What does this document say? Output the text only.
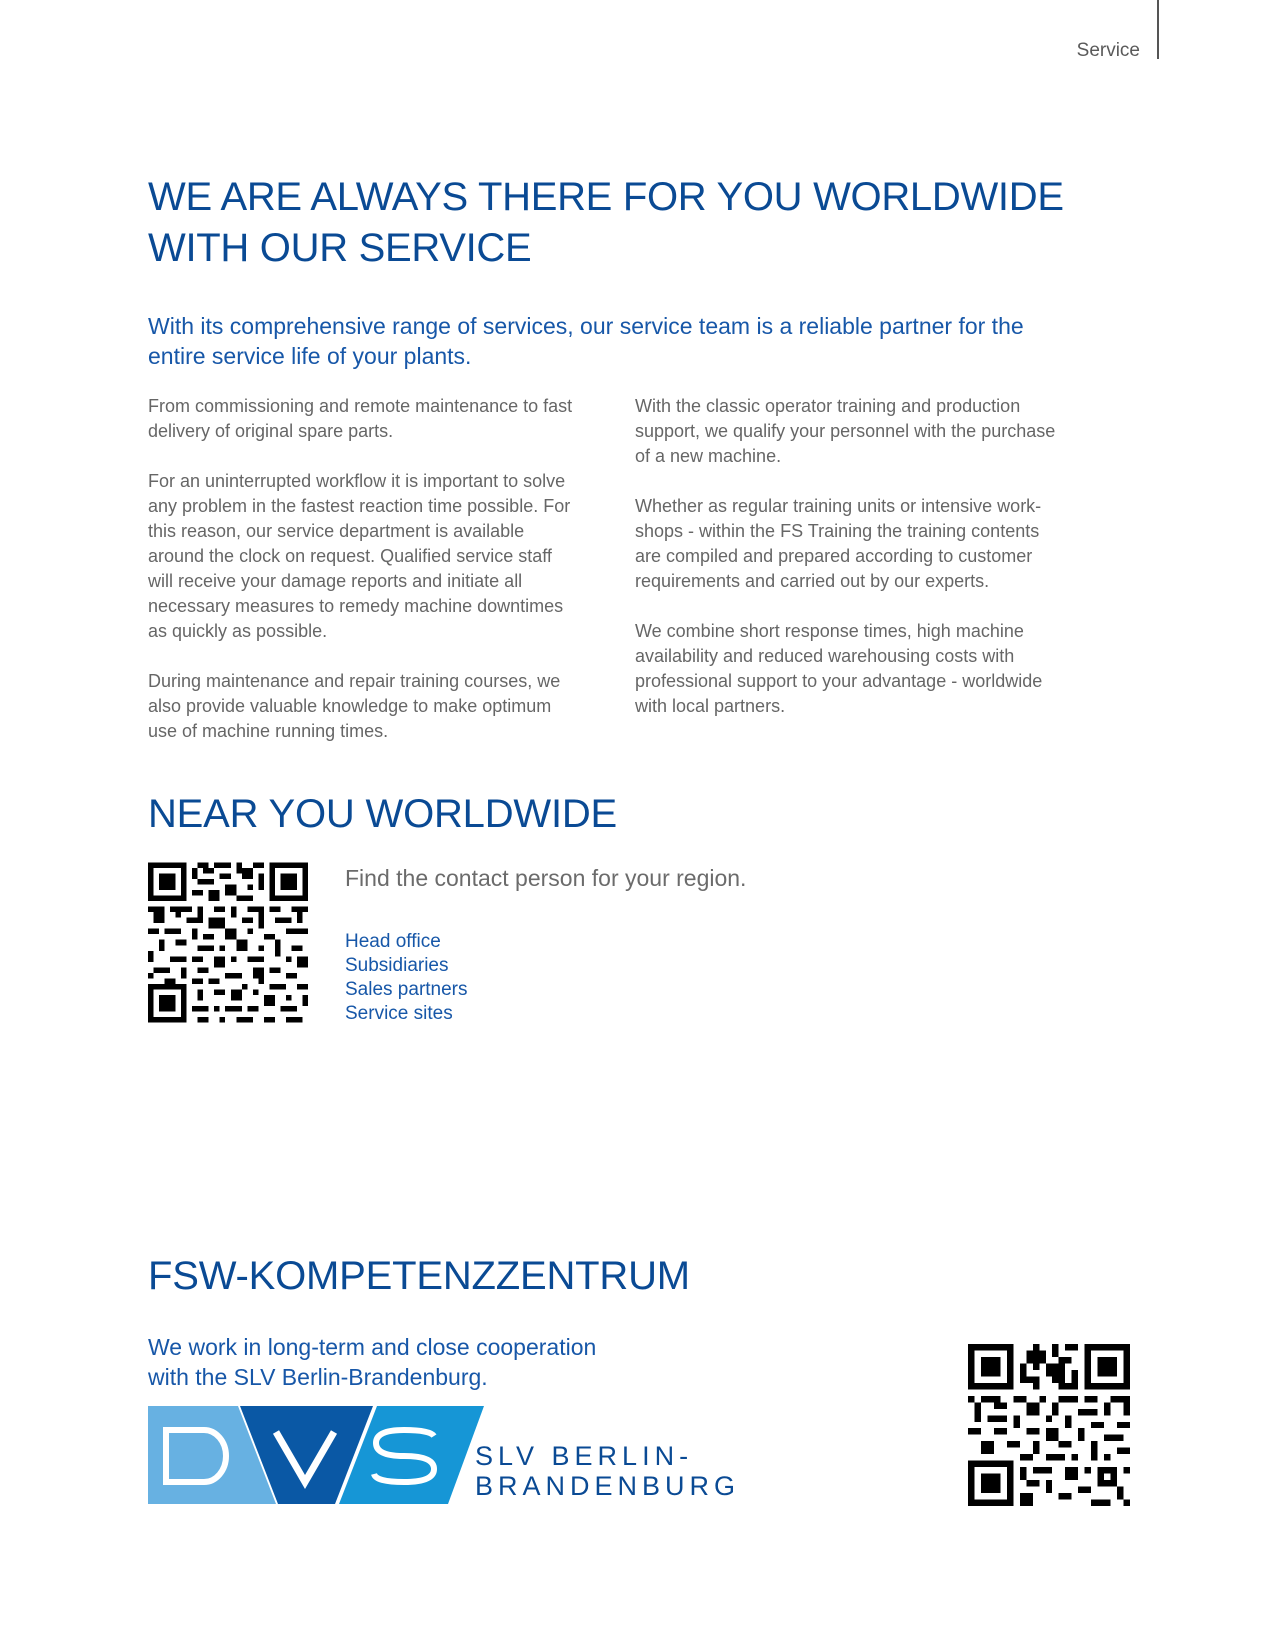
Service
WE ARE ALWAYS THERE FOR YOU WORLDWIDE
WITH OUR SERVICE
With its comprehensive range of services, our service team is a reliable partner for the
entire service life of your plants.

From commissioning and remote maintenance to fast
delivery of original spare parts.

For an uninterrupted workflow it is important to solve
any problem in the fastest reaction time possible. For
this reason, our service department is available
around the clock on request. Qualified service staff
will receive your damage reports and initiate all
necessary measures to remedy machine downtimes
as quickly as possible.

During maintenance and repair training courses, we
also provide valuable knowledge to make optimum
use of machine running times.

With the classic operator training and production
support, we qualify your personnel with the purchase
of a new machine.

Whether as regular training units or intensive work-
shops - within the FS Training the training contents
are compiled and prepared according to customer
requirements and carried out by our experts.

We combine short response times, high machine
availability and reduced warehousing costs with
professional support to your advantage - worldwide
with local partners.

NEAR YOU WORLDWIDE
Find the contact person for your region.
Head office
Subsidiaries
Sales partners
Service sites
FSW-KOMPETENZZENTRUM
We work in long-term and close cooperation
with the SLV Berlin-Brandenburg.
SLV BERLIN-
BRANDENBURG
